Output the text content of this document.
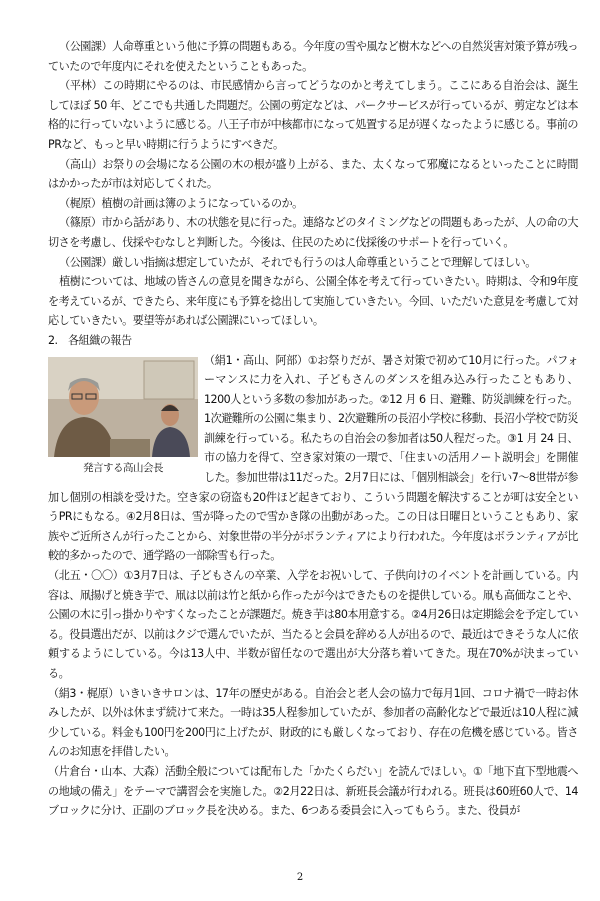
（公園課）人命尊重という他に予算の問題もある。今年度の雪や風など樹木などへの自然災害対策予算が残っていたので年度内にそれを使えたということもあった。

（平林）この時期にやるのは、市民感情から言ってどうなのかと考えてしまう。ここにある自治会は、誕生してほぼ 50 年、どこでも共通した問題だ。公園の剪定などは、パークサービスが行っているが、剪定などは本格的に行っていないように感じる。八王子市が中核都市になって処置する足が遅くなったように感じる。事前のPRなど、もっと早い時期に行うようにすべきだ。

（高山）お祭りの会場になる公園の木の根が盛り上がる、また、太くなって邪魔になるといったことに時間はかかったが市は対応してくれた。

（梶原）植樹の計画は簿のようになっているのか。

（篠原）市から話があり、木の状態を見に行った。連絡などのタイミングなどの問題もあったが、人の命の大切さを考慮し、伐採やむなしと判断した。今後は、住民のために伐採後のサポートを行っていく。

（公園課）厳しい指摘は想定していたが、それでも行うのは人命尊重ということで理解してほしい。

植樹については、地域の皆さんの意見を聞きながら、公園全体を考えて行っていきたい。時期は、令和9年度を考えているが、できたら、来年度にも予算を捻出して実施していきたい。今回、いただいた意見を考慮して対応していきたい。要望等があれば公園課にいってほしい。

2. 各組織の報告

発言する高山会長

（絹1・高山、阿部）①お祭りだが、暑さ対策で初めて10月に行った。パフォーマンスに力を入れ、子どもさんのダンスを組み込み行ったこともあり、1200人という多数の参加があった。②12 月 6 日、避難、防災訓練を行った。1次避難所の公園に集まり、2次避難所の長沼小学校に移動、長沼小学校で防災訓練を行っている。私たちの自治会の参加者は50人程だった。③1 月 24 日、市の協力を得て、空き家対策の一環で、「住まいの活用ノート説明会」を開催した。参加世帯は11だった。2月7日には、「個別相談会」を行い7～8世帯が参加し個別の相談を受けた。空き家の窃盗も20件ほど起きており、こういう問題を解決することが町は安全というPRにもなる。④2月8日は、雪が降ったので雪かき隊の出動があった。この日は日曜日ということもあり、家族やご近所さんが行ったことから、対象世帯の半分がボランティアにより行われた。今年度はボランティアが比較的多かったので、通学路の一部除雪も行った。

（北五・〇〇）①3月7日は、子どもさんの卒業、入学をお祝いして、子供向けのイベントを計画している。内容は、凧揚げと焼き芋で、凧は以前は竹と紙から作ったが今はできたものを提供している。凧も高価なことや、公園の木に引っ掛かりやすくなったことが課題だ。焼き芋は80本用意する。②4月26日は定期総会を予定している。役員選出だが、以前はクジで選んでいたが、当たると会員を辞める人が出るので、最近はできそうな人に依頼するようにしている。今は13人中、半数が留任なので選出が大分落ち着いてきた。現在70%が決まっている。

（絹3・梶原）いきいきサロンは、17年の歴史がある。自治会と老人会の協力で毎月1回、コロナ禍で一時お休みしたが、以外は休まず続けて来た。一時は35人程参加していたが、参加者の高齢化などで最近は10人程に減少している。料金も100円を200円に上げたが、財政的にも厳しくなっており、存在の危機を感じている。皆さんのお知恵を拝借したい。

（片倉台・山本、大森）活動全般については配布した「かたくらだい」を読んでほしい。①「地下直下型地震への地域の備え」をテーマで講習会を実施した。②2月22日は、新班長会議が行われる。班長は60班60人で、14ブロックに分け、正副のブロック長を決める。また、6つある委員会に入ってもらう。また、役員が

2
